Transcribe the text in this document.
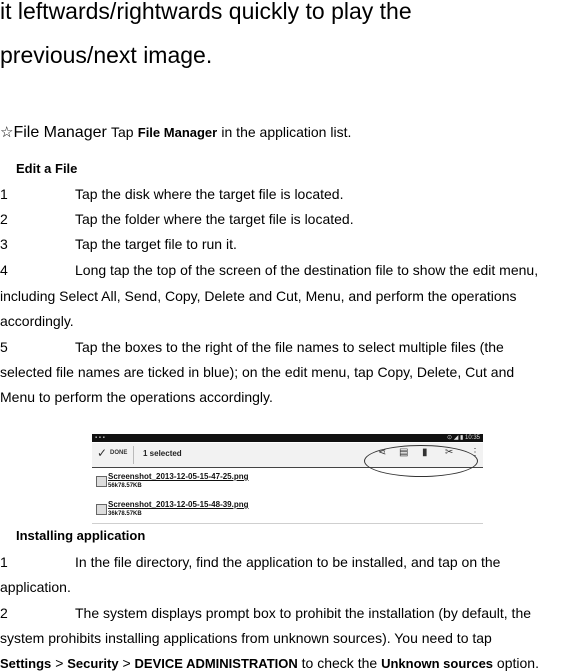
it leftwards/rightwards quickly to play the
previous/next image.
☆File Manager Tap File Manager in the application list.
Edit a File
1	Tap the disk where the target file is located.
2	Tap the folder where the target file is located.
3	Tap the target file to run it.
4	Long tap the top of the screen of the destination file to show the edit menu,
including Select All, Send, Copy, Delete and Cut, Menu, and perform the operations
accordingly.
5	Tap the boxes to the right of the file names to select multiple files (the
selected file names are ticked in blue); on the edit menu, tap Copy, Delete, Cut and
Menu to perform the operations accordingly.
▪ ▪ ▪	⊙ ◢ ▮ 10:35
✓ DONE 1 selected	⋖ ▤ ▮ ✂ ⋮
Screenshot_2013-12-05-15-47-25.png
56k78.57KB
Screenshot_2013-12-05-15-48-39.png
36k78.57KB
Installing application
1	In the file directory, find the application to be installed, and tap on the
application.
2	The system displays prompt box to prohibit the installation (by default, the
system prohibits installing applications from unknown sources). You need to tap
Settings > Security > DEVICE ADMINISTRATION to check the Unknown sources option.
